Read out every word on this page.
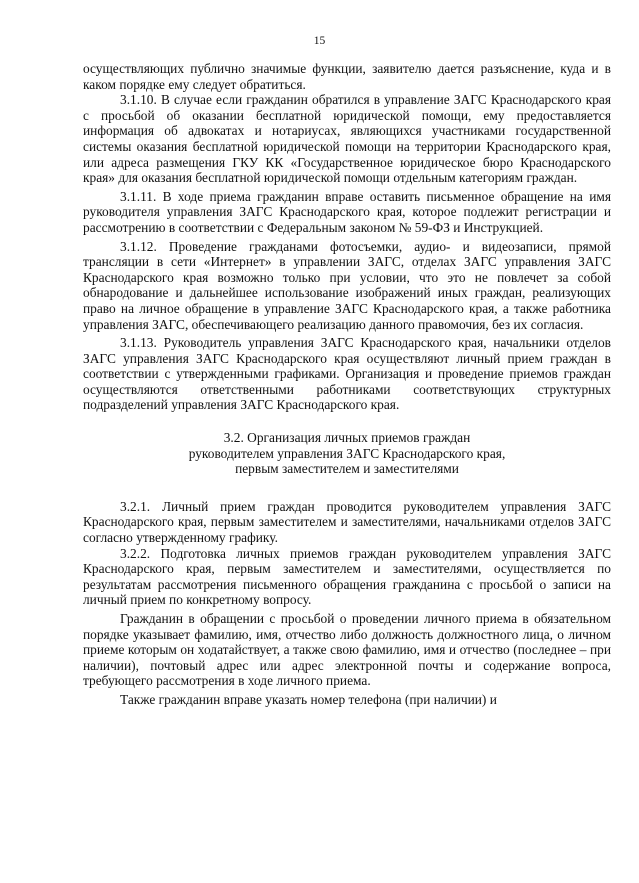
15

осуществляющих публично значимые функции, заявителю дается разъяснение, куда и в каком порядке ему следует обратиться.

3.1.10. В случае если гражданин обратился в управление ЗАГС Краснодарского края с просьбой об оказании бесплатной юридической помощи, ему предоставляется информация об адвокатах и нотариусах, являющихся участниками государственной системы оказания бесплатной юридической помощи на территории Краснодарского края, или адреса размещения ГКУ КК «Государственное юридическое бюро Краснодарского края» для оказания бесплатной юридической помощи отдельным категориям граждан.

3.1.11. В ходе приема гражданин вправе оставить письменное обращение на имя руководителя управления ЗАГС Краснодарского края, которое подлежит регистрации и рассмотрению в соответствии с Федеральным законом № 59-ФЗ и Инструкцией.

3.1.12. Проведение гражданами фотосъемки, аудио- и видеозаписи, прямой трансляции в сети «Интернет» в управлении ЗАГС, отделах ЗАГС управления ЗАГС Краснодарского края возможно только при условии, что это не повлечет за собой обнародование и дальнейшее использование изображений иных граждан, реализующих право на личное обращение в управление ЗАГС Краснодарского края, а также работника управления ЗАГС, обеспечивающего реализацию данного правомочия, без их согласия.

3.1.13. Руководитель управления ЗАГС Краснодарского края, начальники отделов ЗАГС управления ЗАГС Краснодарского края осуществляют личный прием граждан в соответствии с утвержденными графиками. Организация и проведение приемов граждан осуществляются ответственными работниками соответствующих структурных подразделений управления ЗАГС Краснодарского края.

3.2. Организация личных приемов граждан
руководителем управления ЗАГС Краснодарского края,
первым заместителем и заместителями

3.2.1. Личный прием граждан проводится руководителем управления ЗАГС Краснодарского края, первым заместителем и заместителями, начальниками отделов ЗАГС согласно утвержденному графику.

3.2.2. Подготовка личных приемов граждан руководителем управления ЗАГС Краснодарского края, первым заместителем и заместителями, осуществляется по результатам рассмотрения письменного обращения гражданина с просьбой о записи на личный прием по конкретному вопросу.

Гражданин в обращении с просьбой о проведении личного приема в обязательном порядке указывает фамилию, имя, отчество либо должность должностного лица, о личном приеме которым он ходатайствует, а также свою фамилию, имя и отчество (последнее – при наличии), почтовый адрес или адрес электронной почты и содержание вопроса, требующего рассмотрения в ходе личного приема.

Также гражданин вправе указать номер телефона (при наличии) и
